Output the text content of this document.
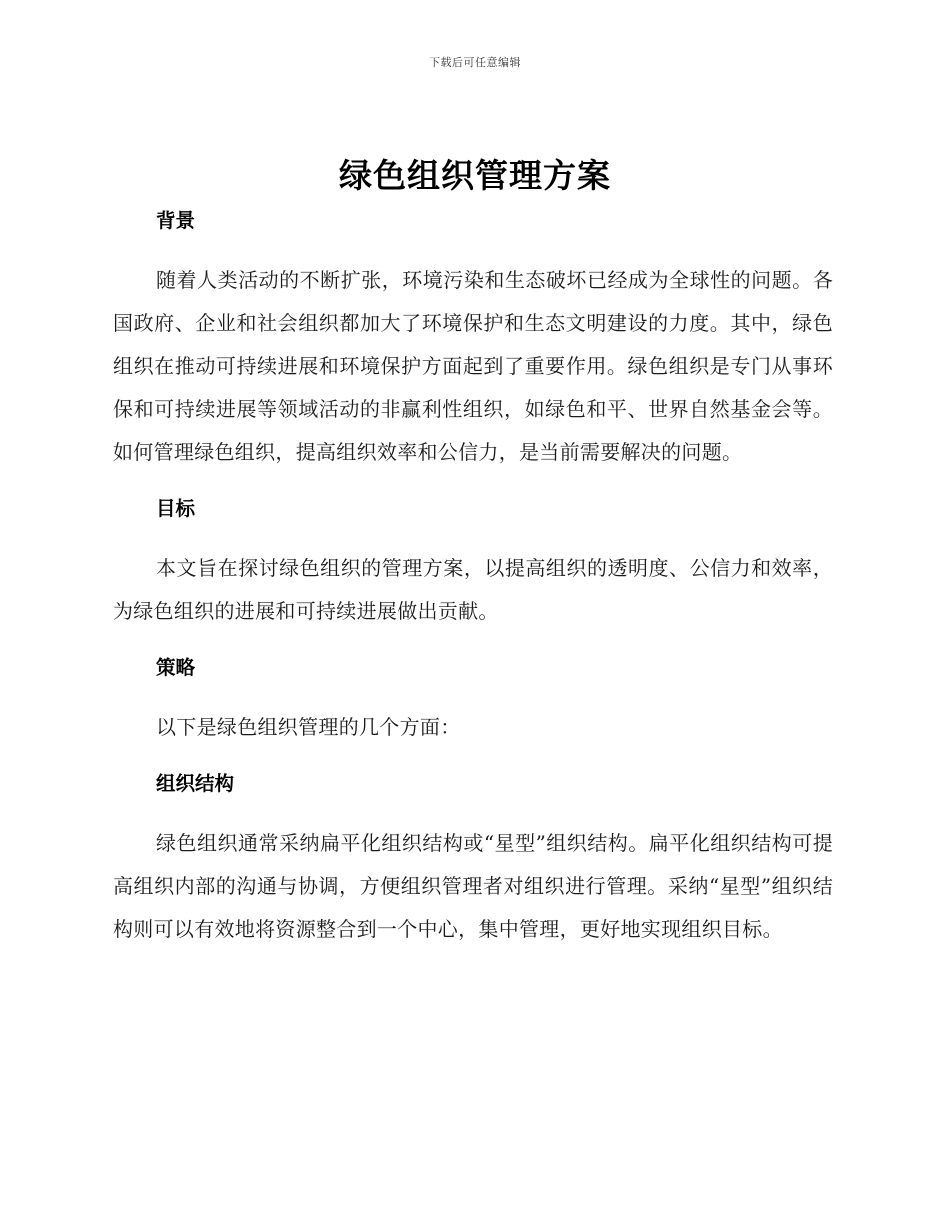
下载后可任意编辑
绿色组织管理方案
背景

随着人类活动的不断扩张，环境污染和生态破坏已经成为全球性的问题。各国政府、企业和社会组织都加大了环境保护和生态文明建设的力度。其中，绿色组织在推动可持续进展和环境保护方面起到了重要作用。绿色组织是专门从事环保和可持续进展等领域活动的非赢利性组织，如绿色和平、世界自然基金会等。如何管理绿色组织，提高组织效率和公信力，是当前需要解决的问题。

目标

本文旨在探讨绿色组织的管理方案，以提高组织的透明度、公信力和效率，为绿色组织的进展和可持续进展做出贡献。

策略

以下是绿色组织管理的几个方面：

组织结构

绿色组织通常采纳扁平化组织结构或“星型”组织结构。扁平化组织结构可提高组织内部的沟通与协调，方便组织管理者对组织进行管理。采纳“星型”组织结构则可以有效地将资源整合到一个中心，集中管理，更好地实现组织目标。
